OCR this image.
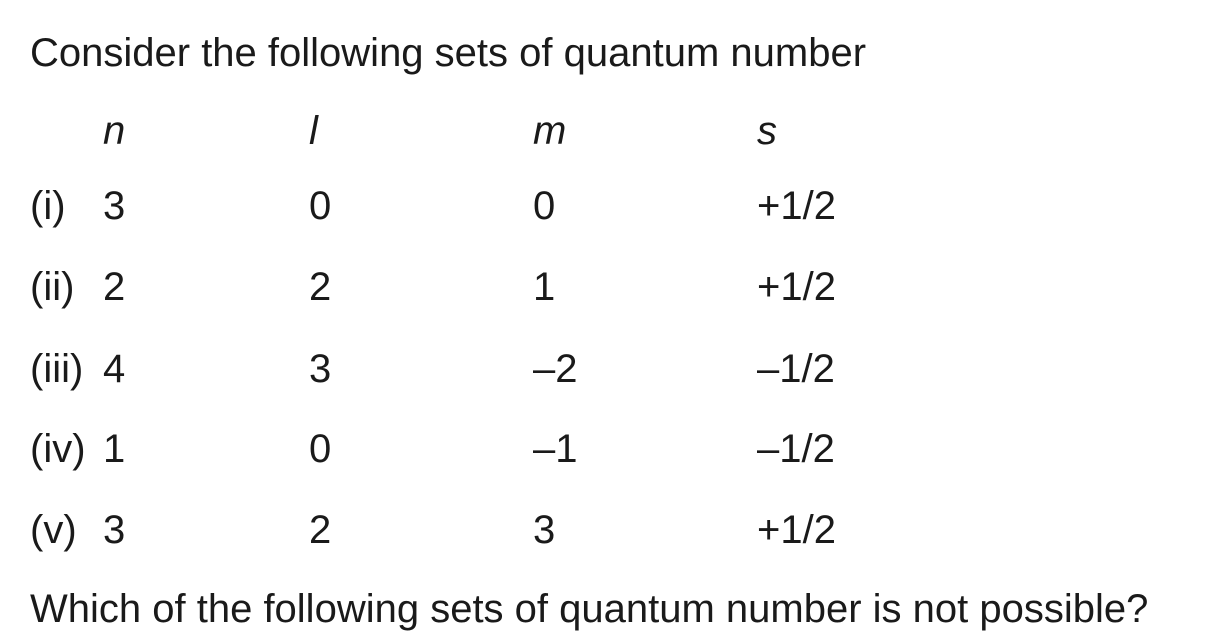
Consider the following sets of quantum number
n	l	m	s
(i) 3	0	0	+1/2
(ii) 2	2	1	+1/2
(iii) 4	3	–2	–1/2
(iv) 1	0	–1	–1/2
(v) 3	2	3	+1/2
Which of the following sets of quantum number is not possible?
